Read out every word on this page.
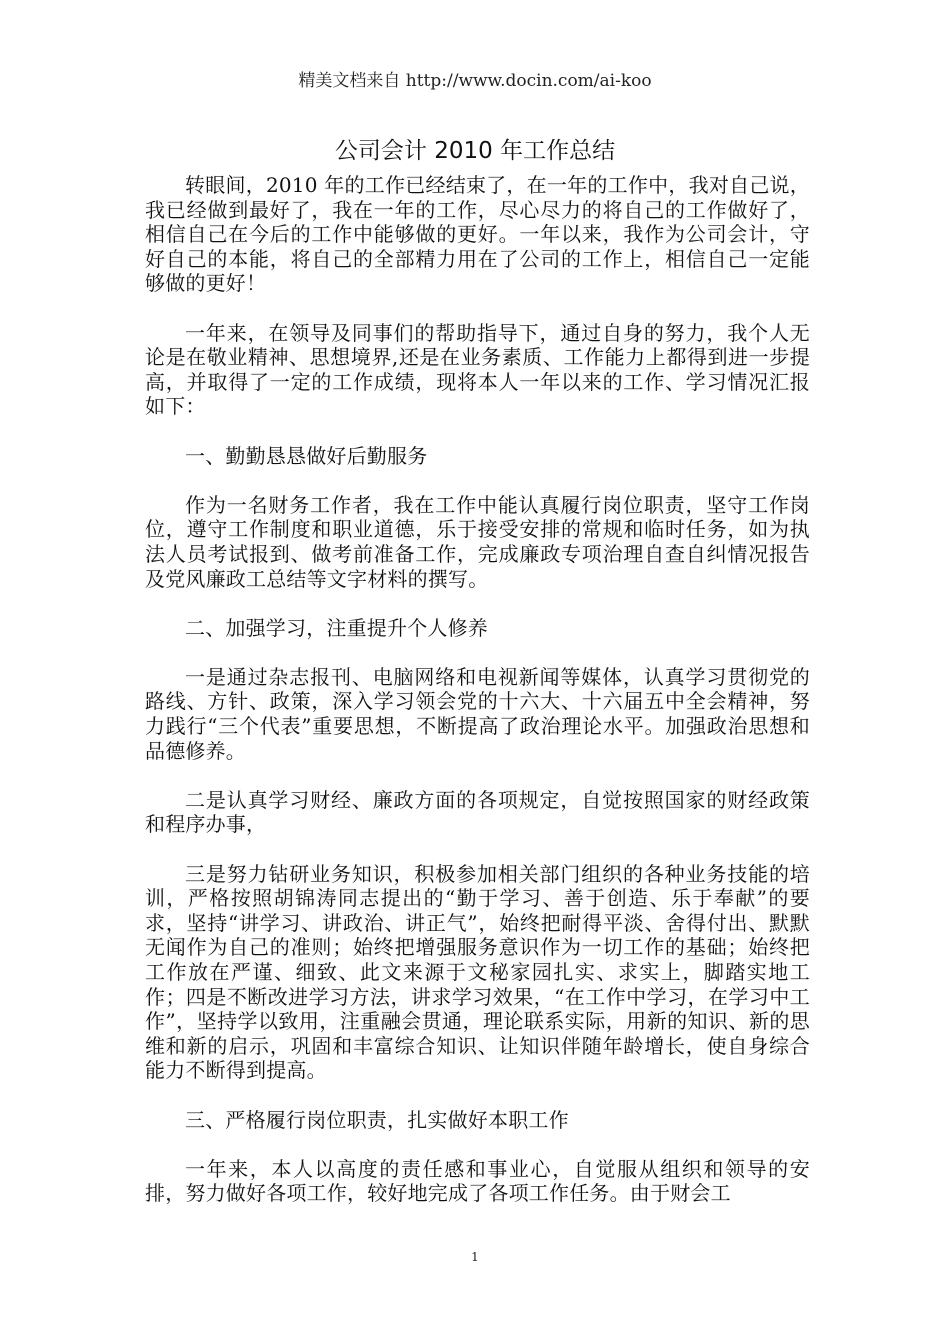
精美文档来自 http://www.docin.com/ai-koo
公司会计 2010 年工作总结

转眼间，2010 年的工作已经结束了，在一年的工作中，我对自己说，我已经做到最好了，我在一年的工作，尽心尽力的将自己的工作做好了，相信自己在今后的工作中能够做的更好。一年以来，我作为公司会计，守好自己的本能，将自己的全部精力用在了公司的工作上，相信自己一定能够做的更好！

一年来，在领导及同事们的帮助指导下，通过自身的努力，我个人无论是在敬业精神、思想境界,还是在业务素质、工作能力上都得到进一步提高，并取得了一定的工作成绩，现将本人一年以来的工作、学习情况汇报如下：

一、勤勤恳恳做好后勤服务

作为一名财务工作者，我在工作中能认真履行岗位职责，坚守工作岗位，遵守工作制度和职业道德，乐于接受安排的常规和临时任务，如为执法人员考试报到、做考前准备工作，完成廉政专项治理自查自纠情况报告及党风廉政工总结等文字材料的撰写。

二、加强学习，注重提升个人修养

一是通过杂志报刊、电脑网络和电视新闻等媒体，认真学习贯彻党的路线、方针、政策，深入学习领会党的十六大、十六届五中全会精神，努力践行“三个代表”重要思想，不断提高了政治理论水平。加强政治思想和品德修养。

二是认真学习财经、廉政方面的各项规定，自觉按照国家的财经政策和程序办事，

三是努力钻研业务知识，积极参加相关部门组织的各种业务技能的培训，严格按照胡锦涛同志提出的“勤于学习、善于创造、乐于奉献”的要求，坚持“讲学习、讲政治、讲正气”，始终把耐得平淡、舍得付出、默默无闻作为自己的准则；始终把增强服务意识作为一切工作的基础；始终把工作放在严谨、细致、此文来源于文秘家园扎实、求实上，脚踏实地工作；四是不断改进学习方法，讲求学习效果，“在工作中学习，在学习中工作”，坚持学以致用，注重融会贯通，理论联系实际，用新的知识、新的思维和新的启示，巩固和丰富综合知识、让知识伴随年龄增长，使自身综合能力不断得到提高。

三、严格履行岗位职责，扎实做好本职工作

一年来，本人以高度的责任感和事业心，自觉服从组织和领导的安排，努力做好各项工作，较好地完成了各项工作任务。由于财会工

1
